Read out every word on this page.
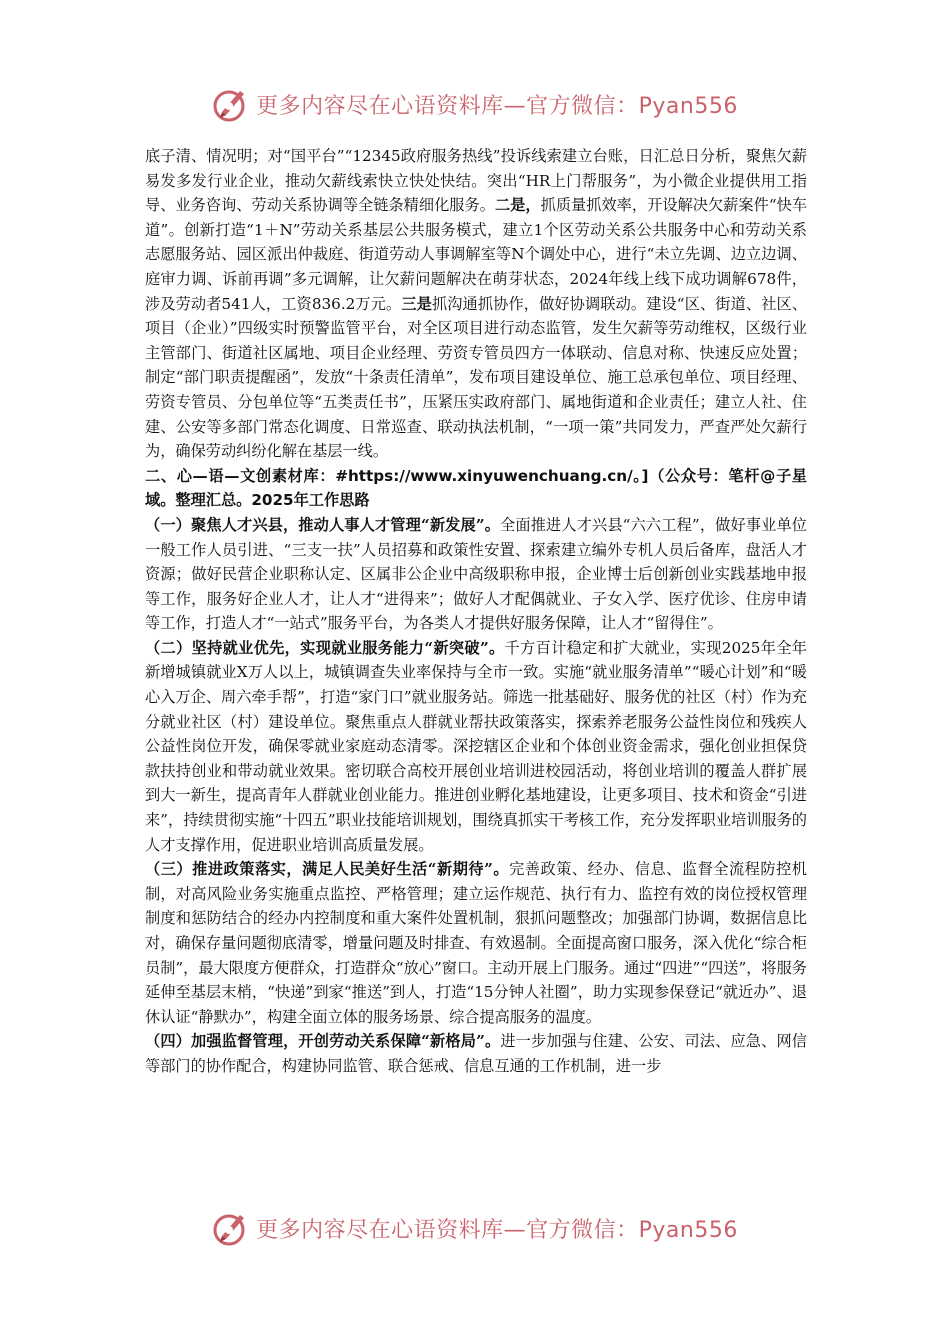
更多内容尽在心语资料库—官方微信：Pyan556

底子清、情况明；对“国平台”“12345政府服务热线”投诉线索建立台账，日汇总日分析，聚焦欠薪易发多发行业企业，推动欠薪线索快立快处快结。突出“HR上门帮服务”，为小微企业提供用工指导、业务咨询、劳动关系协调等全链条精细化服务。二是，抓质量抓效率，开设解决欠薪案件“快车道”。创新打造“1＋N”劳动关系基层公共服务模式，建立1个区劳动关系公共服务中心和劳动关系志愿服务站、园区派出仲裁庭、街道劳动人事调解室等N个调处中心，进行“未立先调、边立边调、庭审力调、诉前再调”多元调解，让欠薪问题解决在萌芽状态，2024年线上线下成功调解678件，涉及劳动者541人，工资836.2万元。三是抓沟通抓协作，做好协调联动。建设“区、街道、社区、项目（企业）”四级实时预警监管平台，对全区项目进行动态监管，发生欠薪等劳动维权，区级行业主管部门、街道社区属地、项目企业经理、劳资专管员四方一体联动、信息对称、快速反应处置；制定“部门职责提醒函”，发放“十条责任清单”，发布项目建设单位、施工总承包单位、项目经理、劳资专管员、分包单位等“五类责任书”，压紧压实政府部门、属地街道和企业责任；建立人社、住建、公安等多部门常态化调度、日常巡查、联动执法机制，“一项一策”共同发力，严查严处欠薪行为，确保劳动纠纷化解在基层一线。

二、心—语—文创素材库：#https://www.xinyuwenchuang.cn/。]（公众号：笔杆@子星域。整理汇总。2025年工作思路

（一）聚焦人才兴县，推动人事人才管理“新发展”。全面推进人才兴县“六六工程”，做好事业单位一般工作人员引进、“三支一扶”人员招募和政策性安置、探索建立编外专机人员后备库，盘活人才资源；做好民营企业职称认定、区属非公企业中高级职称申报，企业博士后创新创业实践基地申报等工作，服务好企业人才，让人才“进得来”；做好人才配偶就业、子女入学、医疗优诊、住房申请等工作，打造人才“一站式”服务平台，为各类人才提供好服务保障，让人才“留得住”。

（二）坚持就业优先，实现就业服务能力“新突破”。千方百计稳定和扩大就业，实现2025年全年新增城镇就业X万人以上，城镇调查失业率保持与全市一致。实施“就业服务清单”“暖心计划”和“暖心入万企、周六牵手帮”，打造“家门口”就业服务站。筛选一批基础好、服务优的社区（村）作为充分就业社区（村）建设单位。聚焦重点人群就业帮扶政策落实，探索养老服务公益性岗位和残疾人公益性岗位开发，确保零就业家庭动态清零。深挖辖区企业和个体创业资金需求，强化创业担保贷款扶持创业和带动就业效果。密切联合高校开展创业培训进校园活动，将创业培训的覆盖人群扩展到大一新生，提高青年人群就业创业能力。推进创业孵化基地建设，让更多项目、技术和资金“引进来”，持续贯彻实施“十四五”职业技能培训规划，围绕真抓实干考核工作，充分发挥职业培训服务的人才支撑作用，促进职业培训高质量发展。

（三）推进政策落实，满足人民美好生活“新期待”。完善政策、经办、信息、监督全流程防控机制，对高风险业务实施重点监控、严格管理；建立运作规范、执行有力、监控有效的岗位授权管理制度和惩防结合的经办内控制度和重大案件处置机制，狠抓问题整改；加强部门协调，数据信息比对，确保存量问题彻底清零，增量问题及时排查、有效遏制。全面提高窗口服务，深入优化“综合柜员制”，最大限度方便群众，打造群众“放心”窗口。主动开展上门服务。通过“四进”“四送”，将服务延伸至基层末梢，“快递”到家“推送”到人，打造“15分钟人社圈”，助力实现参保登记“就近办”、退休认证“静默办”，构建全面立体的服务场景、综合提高服务的温度。

（四）加强监督管理，开创劳动关系保障“新格局”。进一步加强与住建、公安、司法、应急、网信等部门的协作配合，构建协同监管、联合惩戒、信息互通的工作机制，进一步

更多内容尽在心语资料库—官方微信：Pyan556
